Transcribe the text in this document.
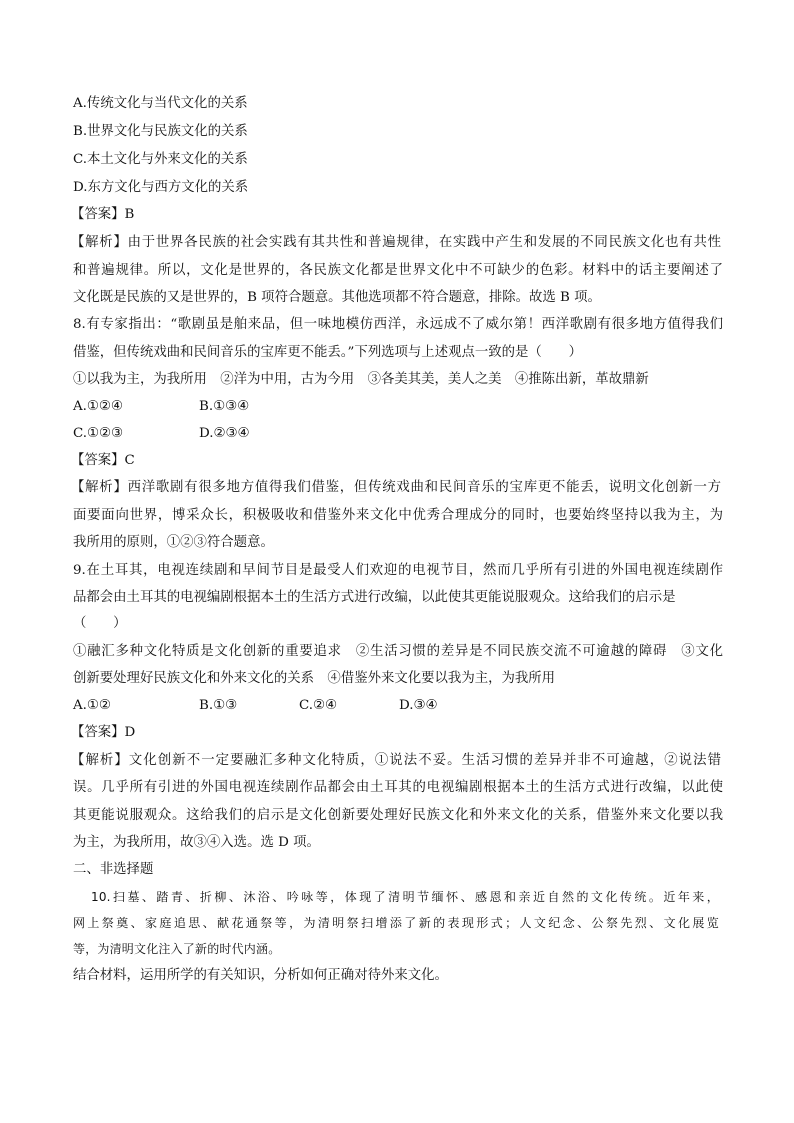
A.传统文化与当代文化的关系
B.世界文化与民族文化的关系
C.本土文化与外来文化的关系
D.东方文化与西方文化的关系
【答案】B
【解析】由于世界各民族的社会实践有其共性和普遍规律，在实践中产生和发展的不同民族文化也有共性
和普遍规律。所以，文化是世界的，各民族文化都是世界文化中不可缺少的色彩。材料中的话主要阐述了
文化既是民族的又是世界的，B 项符合题意。其他选项都不符合题意，排除。故选 B 项。
8.有专家指出：“歌剧虽是舶来品，但一味地模仿西洋，永远成不了威尔第！西洋歌剧有很多地方值得我们
借鉴，但传统戏曲和民间音乐的宝库更不能丢。”下列选项与上述观点一致的是（　　）
①以我为主，为我所用　②洋为中用，古为今用　③各美其美，美人之美　④推陈出新，革故鼎新
A.①②④	B.①③④
C.①②③	D.②③④
【答案】C
【解析】西洋歌剧有很多地方值得我们借鉴，但传统戏曲和民间音乐的宝库更不能丢，说明文化创新一方
面要面向世界，博采众长，积极吸收和借鉴外来文化中优秀合理成分的同时，也要始终坚持以我为主，为
我所用的原则，①②③符合题意。
9.在土耳其，电视连续剧和早间节目是最受人们欢迎的电视节目，然而几乎所有引进的外国电视连续剧作
品都会由土耳其的电视编剧根据本土的生活方式进行改编，以此使其更能说服观众。这给我们的启示是
（　　）
①融汇多种文化特质是文化创新的重要追求　②生活习惯的差异是不同民族交流不可逾越的障碍　③文化
创新要处理好民族文化和外来文化的关系　④借鉴外来文化要以我为主，为我所用
A.①②	B.①③	C.②④	D.③④
【答案】D
【解析】文化创新不一定要融汇多种文化特质，①说法不妥。生活习惯的差异并非不可逾越，②说法错
误。几乎所有引进的外国电视连续剧作品都会由土耳其的电视编剧根据本土的生活方式进行改编，以此使
其更能说服观众。这给我们的启示是文化创新要处理好民族文化和外来文化的关系，借鉴外来文化要以我
为主，为我所用，故③④入选。选 D 项。
二、非选择题
10.扫墓、踏青、折柳、沐浴、吟咏等，体现了清明节缅怀、感恩和亲近自然的文化传统。近年来，
网上祭奠、家庭追思、献花通祭等，为清明祭扫增添了新的表现形式；人文纪念、公祭先烈、文化展览
等，为清明文化注入了新的时代内涵。
结合材料，运用所学的有关知识，分析如何正确对待外来文化。
